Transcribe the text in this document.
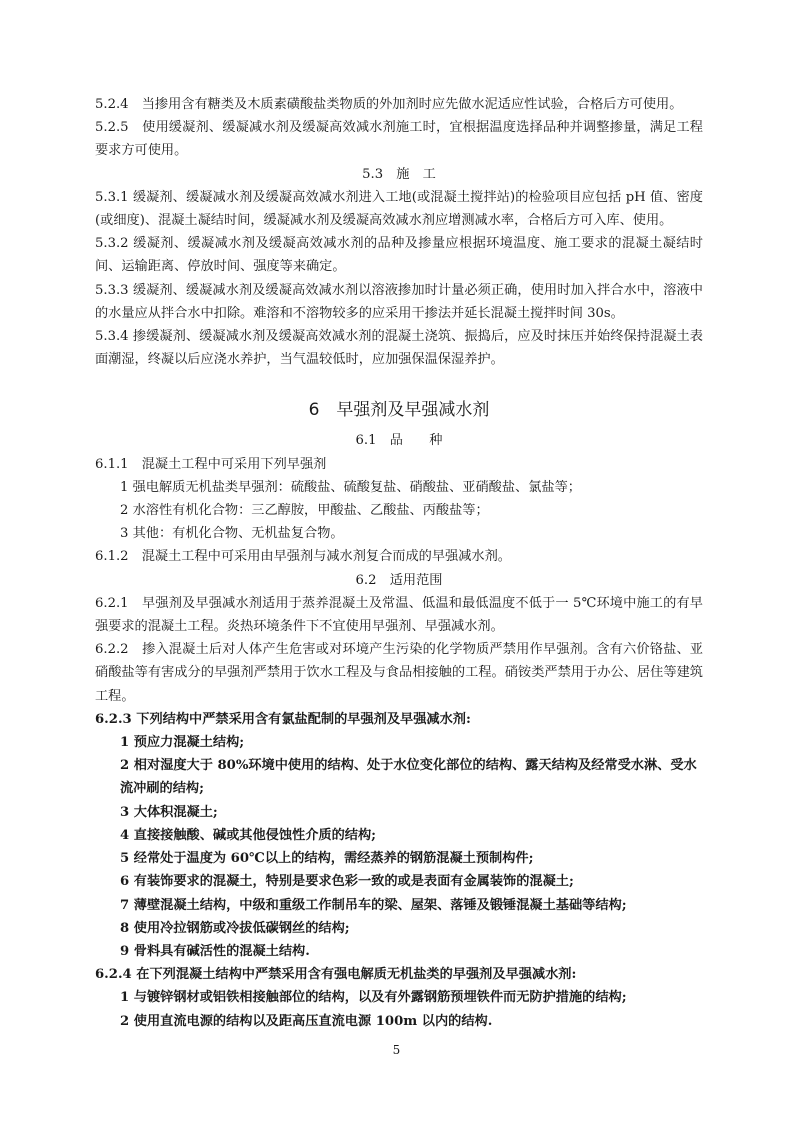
5.2.4　当掺用含有糖类及木质素磺酸盐类物质的外加剂时应先做水泥适应性试验，合格后方可使用。

5.2.5　使用缓凝剂、缓凝减水剂及缓凝高效减水剂施工时，宜根据温度选择品种并调整掺量，满足工程要求方可使用。

5.3　施　工

5.3.1 缓凝剂、缓凝减水剂及缓凝高效减水剂进入工地(或混凝土搅拌站)的检验项目应包括 pH 值、密度(或细度)、混凝土凝结时间，缓凝减水剂及缓凝高效减水剂应增测减水率，合格后方可入库、使用。

5.3.2 缓凝剂、缓凝减水剂及缓凝高效减水剂的品种及掺量应根据环境温度、施工要求的混凝土凝结时间、运输距离、停放时间、强度等来确定。

5.3.3 缓凝剂、缓凝减水剂及缓凝高效减水剂以溶液掺加时计量必须正确，使用时加入拌合水中，溶液中的水量应从拌合水中扣除。难溶和不溶物较多的应采用干掺法并延长混凝土搅拌时间 30s。

5.3.4 掺缓凝剂、缓凝减水剂及缓凝高效减水剂的混凝土浇筑、振捣后，应及时抹压并始终保持混凝土表面潮湿，终凝以后应浇水养护，当气温较低时，应加强保温保湿养护。

6　早强剂及早强减水剂

6.1　品　　种

6.1.1　混凝土工程中可采用下列早强剂

1 强电解质无机盐类早强剂：硫酸盐、硫酸复盐、硝酸盐、亚硝酸盐、氯盐等；

2 水溶性有机化合物：三乙醇胺，甲酸盐、乙酸盐、丙酸盐等；

3 其他：有机化合物、无机盐复合物。

6.1.2　混凝土工程中可采用由早强剂与减水剂复合而成的早强减水剂。

6.2　适用范围

6.2.1　早强剂及早强减水剂适用于蒸养混凝土及常温、低温和最低温度不低于一 5℃环境中施工的有早强要求的混凝土工程。炎热环境条件下不宜使用早强剂、早强减水剂。

6.2.2　掺入混凝土后对人体产生危害或对环境产生污染的化学物质严禁用作早强剂。含有六价铬盐、亚硝酸盐等有害成分的早强剂严禁用于饮水工程及与食品相接触的工程。硝铵类严禁用于办公、居住等建筑工程。

6.2.3 下列结构中严禁采用含有氯盐配制的早强剂及早强减水剂:

1 预应力混凝土结构;

2 相对湿度大于 80%环境中使用的结构、处于水位变化部位的结构、露天结构及经常受水淋、受水流冲刷的结构;

3 大体积混凝土;

4 直接接触酸、碱或其他侵蚀性介质的结构;

5 经常处于温度为 60℃以上的结构，需经蒸养的钢筋混凝土预制构件;

6 有装饰要求的混凝土，特别是要求色彩一致的或是表面有金属装饰的混凝土;

7 薄壁混凝土结构，中级和重级工作制吊车的梁、屋架、落锤及锻锤混凝土基础等结构;

8 使用冷拉钢筋或冷拔低碳钢丝的结构;

9 骨料具有碱活性的混凝土结构.

6.2.4 在下列混凝土结构中严禁采用含有强电解质无机盐类的早强剂及早强减水剂:

1 与镀锌钢材或铝铁相接触部位的结构，以及有外露钢筋预埋铁件而无防护措施的结构;

2 使用直流电源的结构以及距高压直流电源 100m 以内的结构.

5
